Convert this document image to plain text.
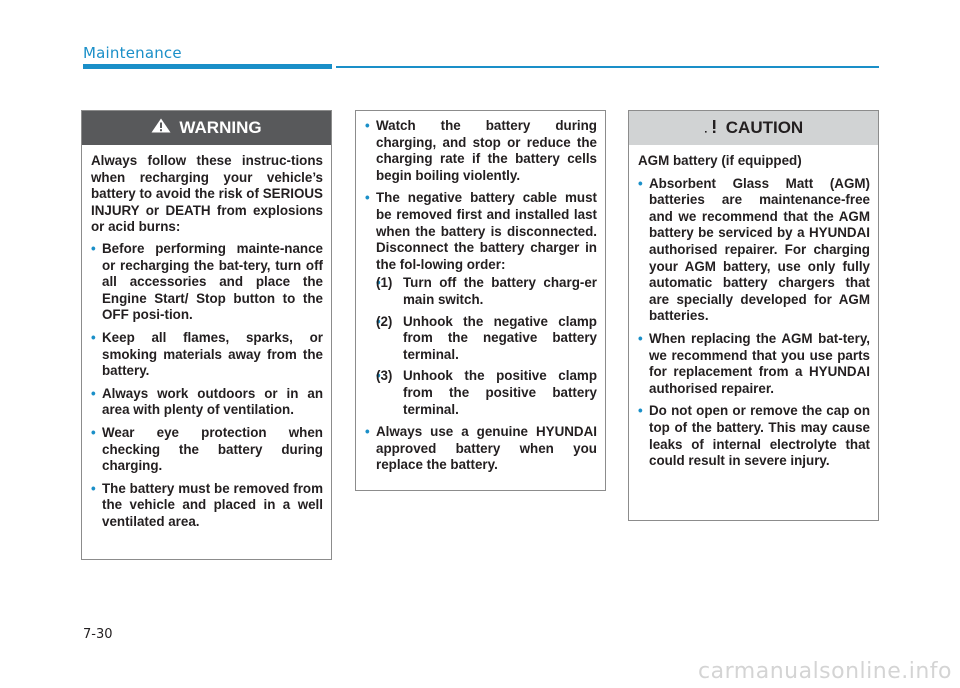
Maintenance
WARNING
Always follow these instruc-tions when recharging your vehicle’s battery to avoid the risk of SERIOUS INJURY or DEATH from explosions or acid burns:
• Before performing mainte-nance or recharging the bat-tery, turn off all accessories and place the Engine Start/ Stop button to the OFF posi-tion.
• Keep all flames, sparks, or smoking materials away from the battery.
• Always work outdoors or in an area with plenty of ventilation.
• Wear eye protection when checking the battery during charging.
• The battery must be removed from the vehicle and placed in a well ventilated area.
• Watch the battery during charging, and stop or reduce the charging rate if the battery cells begin boiling violently.
• The negative battery cable must be removed first and installed last when the battery is disconnected. Disconnect the battery charger in the fol-lowing order:
• (1) Turn off the battery charg-er main switch.
• (2) Unhook the negative clamp from the negative battery terminal.
• (3) Unhook the positive clamp from the positive battery terminal.
• Always use a genuine HYUNDAI approved battery when you replace the battery.
CAUTION
AGM battery (if equipped)
• Absorbent Glass Matt (AGM) batteries are maintenance-free and we recommend that the AGM battery be serviced by a HYUNDAI authorised repairer. For charging your AGM battery, use only fully automatic battery chargers that are specially developed for AGM batteries.
• When replacing the AGM bat-tery, we recommend that you use parts for replacement from a HYUNDAI authorised repairer.
• Do not open or remove the cap on top of the battery. This may cause leaks of internal electrolyte that could result in severe injury.
7-30
carmanualsonline.info
